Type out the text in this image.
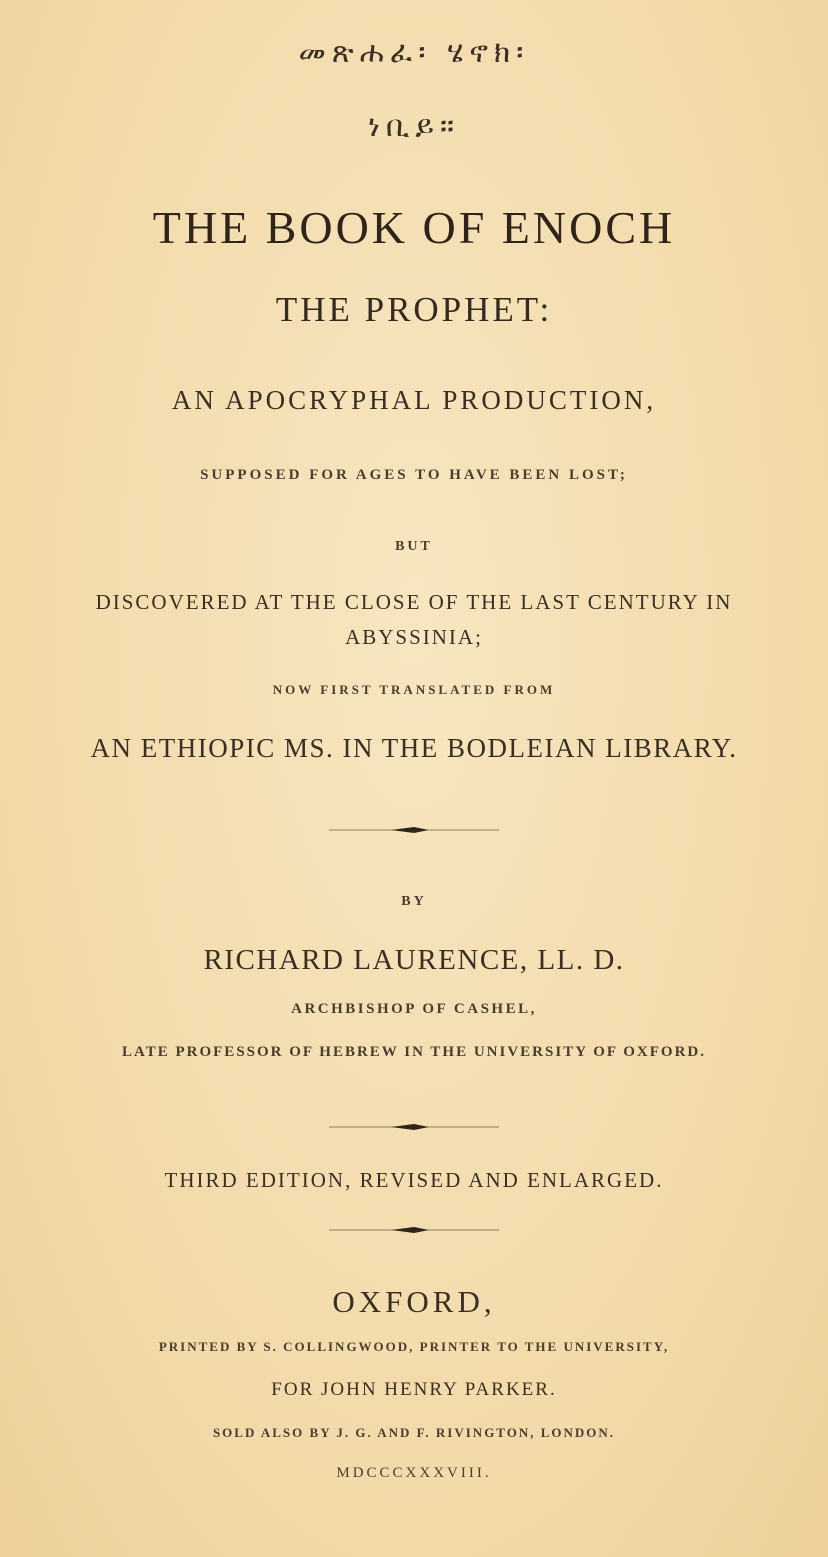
መጽሐፈ፡ ሄኖክ፡
ነቢይ።
THE BOOK OF ENOCH
THE PROPHET:
AN APOCRYPHAL PRODUCTION,
SUPPOSED FOR AGES TO HAVE BEEN LOST;
BUT
DISCOVERED AT THE CLOSE OF THE LAST CENTURY IN
ABYSSINIA;
NOW FIRST TRANSLATED FROM
AN ETHIOPIC MS. IN THE BODLEIAN LIBRARY.
BY
RICHARD LAURENCE, LL. D.
ARCHBISHOP OF CASHEL,
LATE PROFESSOR OF HEBREW IN THE UNIVERSITY OF OXFORD.
THIRD EDITION, REVISED AND ENLARGED.
OXFORD,
PRINTED BY S. COLLINGWOOD, PRINTER TO THE UNIVERSITY,
FOR JOHN HENRY PARKER.
SOLD ALSO BY J. G. AND F. RIVINGTON, LONDON.
MDCCCXXXVIII.
